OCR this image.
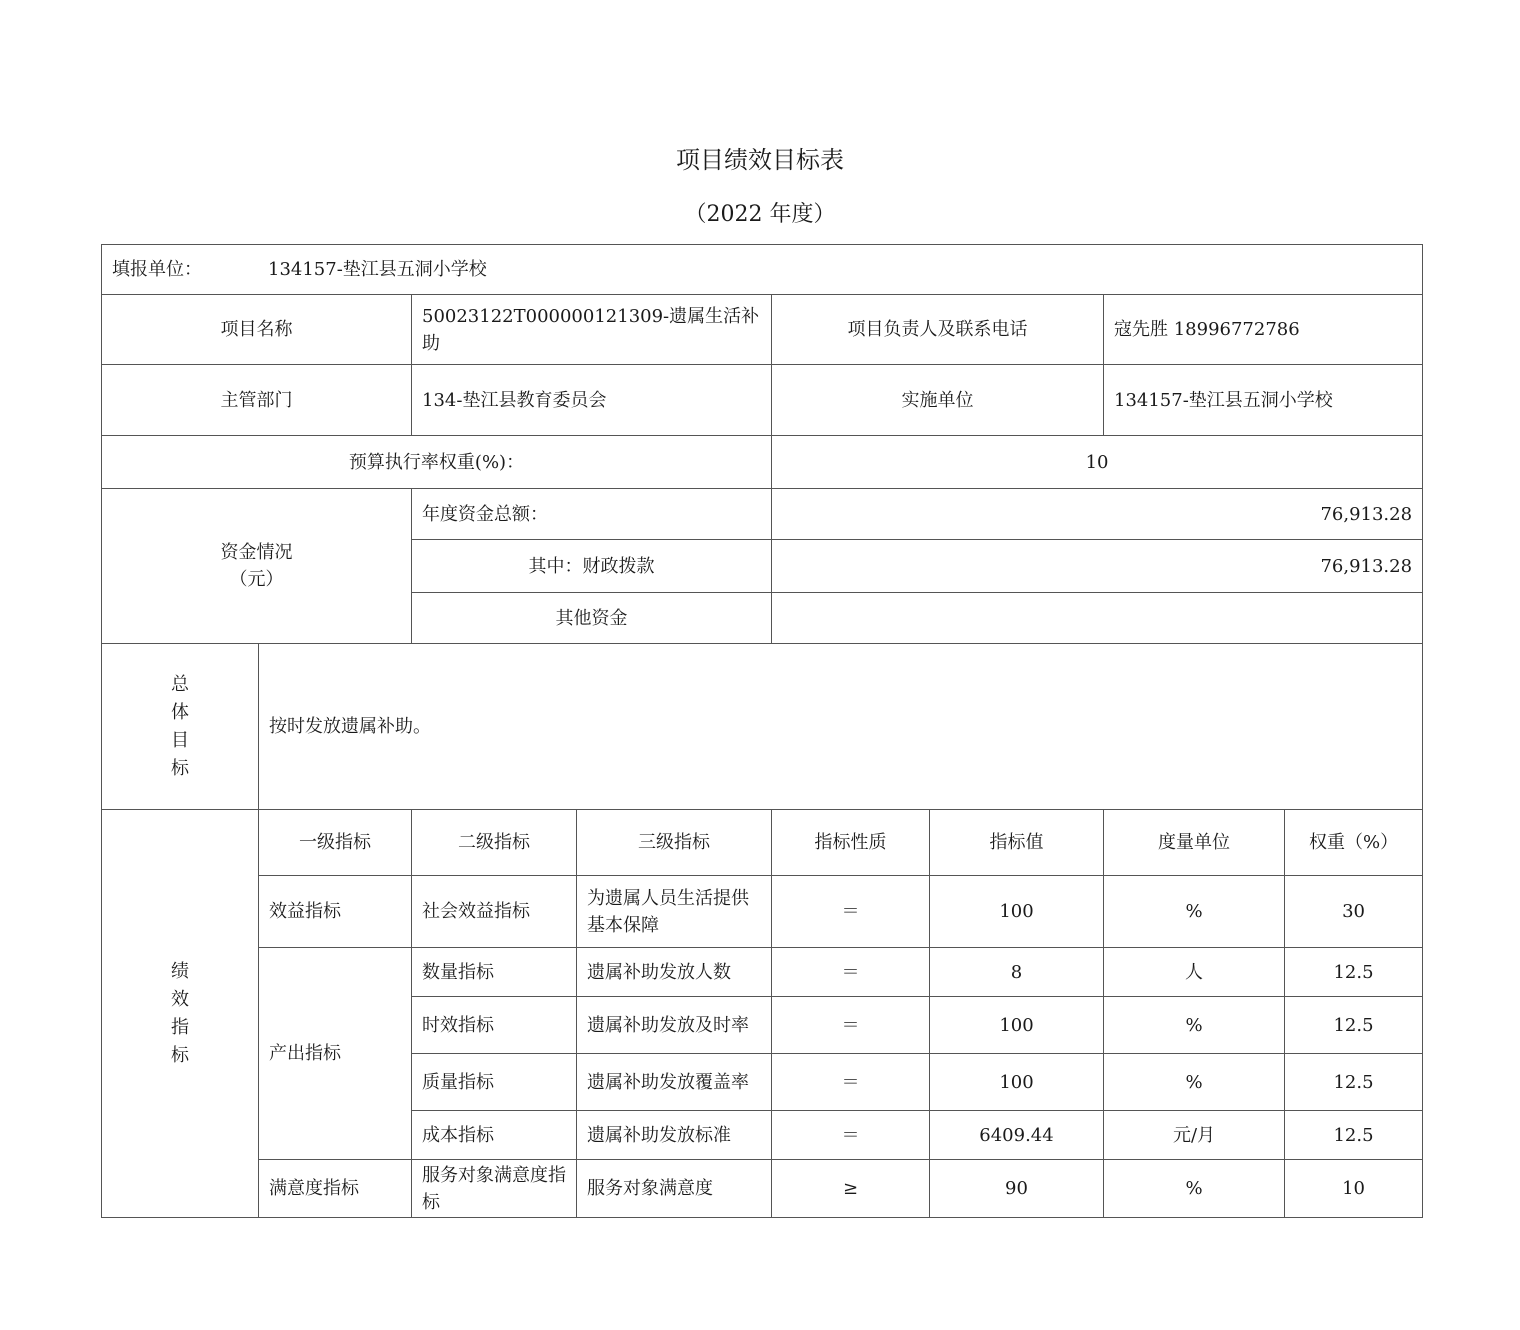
项目绩效目标表
（2022 年度）
填报单位： 134157-垫江县五洞小学校							
项目名称		50023122T000000121309-遗属生活补助		项目负责人及联系电话		寇先胜 18996772786	
主管部门		134-垫江县教育委员会		实施单位		134157-垫江县五洞小学校	
预算执行率权重(%)：				10			

资金情况
（元）		年度资金总额：		76,913.28			
		其中：财政拨款		76,913.28			
		其他资金					

总
体
目
标	按时发放遗属补助。						

绩
效
指
标	一级指标	二级指标	三级指标	指标性质	指标值	度量单位	权重（%）
	效益指标	社会效益指标	为遗属人员生活提供基本保障	＝	100	%	30
	产出指标	数量指标	遗属补助发放人数	＝	8	人	12.5
		时效指标	遗属补助发放及时率	＝	100	%	12.5
		质量指标	遗属补助发放覆盖率	＝	100	%	12.5
		成本指标	遗属补助发放标准	＝	6409.44	元/月	12.5
	满意度指标	服务对象满意度指标	服务对象满意度	≥	90	%	10
